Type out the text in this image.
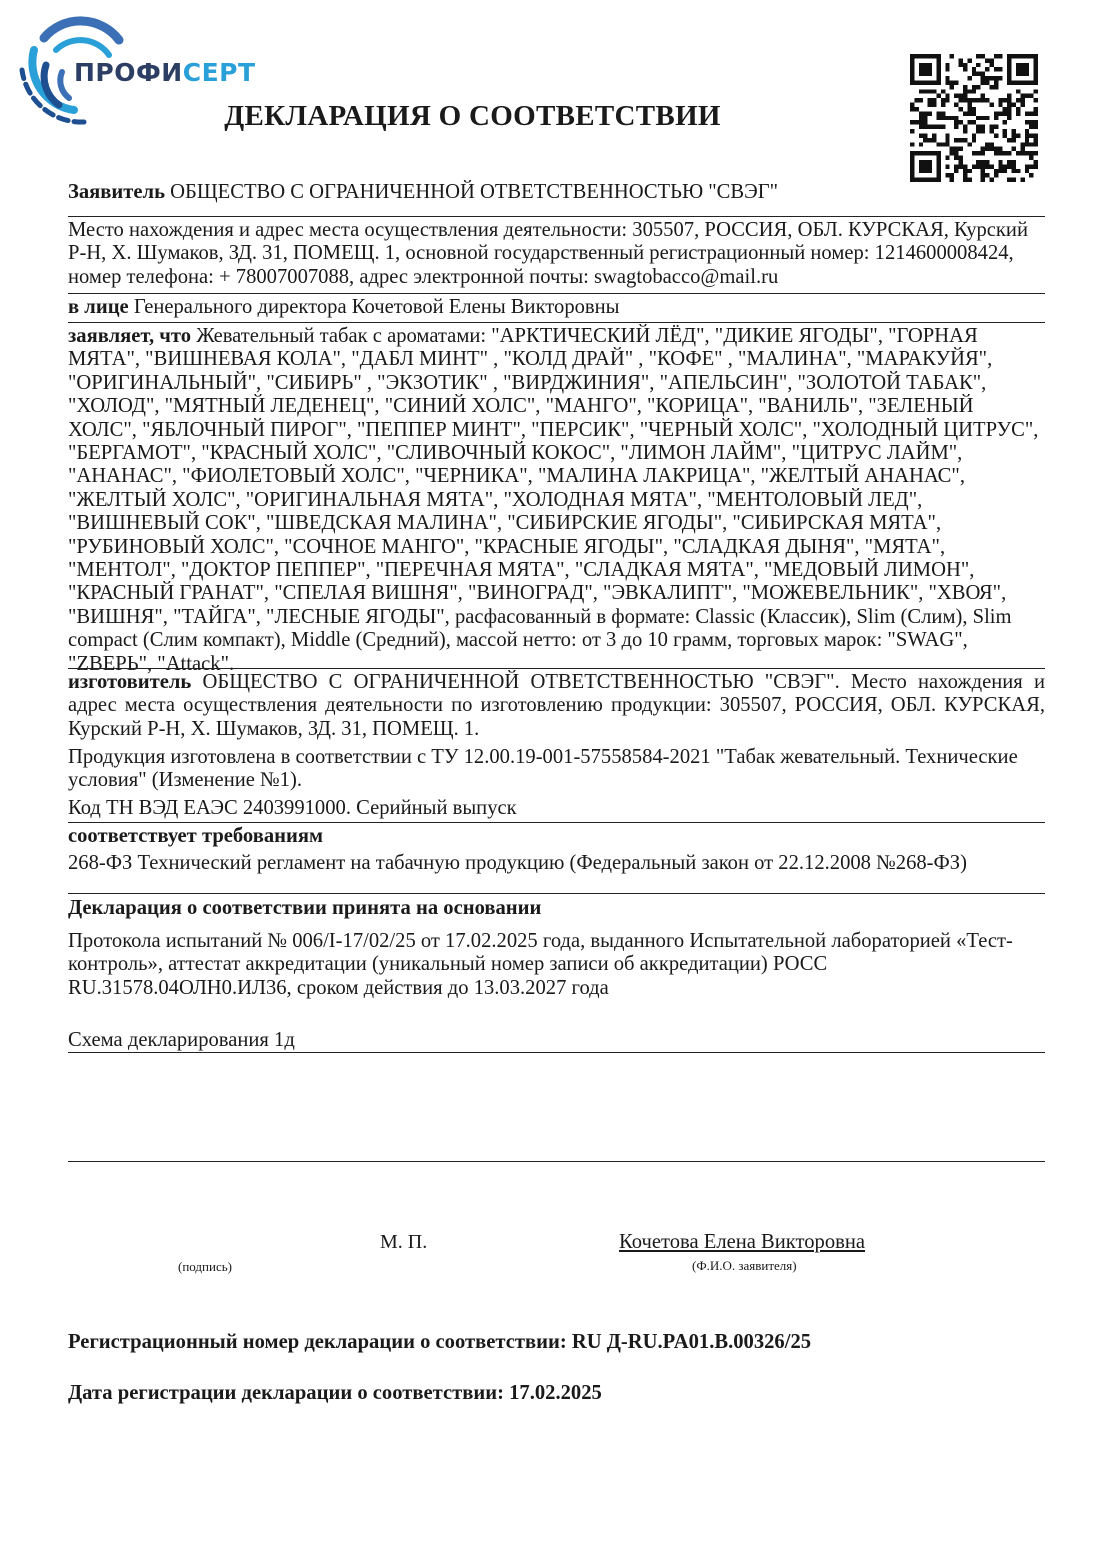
ПРОФИСЕРТ
ДЕКЛАРАЦИЯ О СООТВЕТСТВИИ
Заявитель ОБЩЕСТВО С ОГРАНИЧЕННОЙ ОТВЕТСТВЕННОСТЬЮ "СВЭГ"
Место нахождения и адрес места осуществления деятельности: 305507, РОССИЯ, ОБЛ. КУРСКАЯ, Курский Р-Н, Х. Шумаков, ЗД. 31, ПОМЕЩ. 1, основной государственный регистрационный номер: 1214600008424, номер телефона: + 78007007088, адрес электронной почты: swagtobacco@mail.ru
в лице Генерального директора Кочетовой Елены Викторовны
заявляет, что Жевательный табак с ароматами: "АРКТИЧЕСКИЙ ЛЁД", "ДИКИЕ ЯГОДЫ", "ГОРНАЯ МЯТА", "ВИШНЕВАЯ КОЛА", "ДАБЛ МИНТ" , "КОЛД ДРАЙ" , "КОФЕ" , "МАЛИНА", "МАРАКУЙЯ", "ОРИГИНАЛЬНЫЙ", "СИБИРЬ" , "ЭКЗОТИК" , "ВИРДЖИНИЯ", "АПЕЛЬСИН", "ЗОЛОТОЙ ТАБАК", "ХОЛОД", "МЯТНЫЙ ЛЕДЕНЕЦ", "СИНИЙ ХОЛС", "МАНГО", "КОРИЦА", "ВАНИЛЬ", "ЗЕЛЕНЫЙ ХОЛС", "ЯБЛОЧНЫЙ ПИРОГ", "ПЕППЕР МИНТ", "ПЕРСИК", "ЧЕРНЫЙ ХОЛС", "ХОЛОДНЫЙ ЦИТРУС", "БЕРГАМОТ", "КРАСНЫЙ ХОЛС", "СЛИВОЧНЫЙ КОКОС", "ЛИМОН ЛАЙМ", "ЦИТРУС ЛАЙМ", "АНАНАС", "ФИОЛЕТОВЫЙ ХОЛС", "ЧЕРНИКА", "МАЛИНА ЛАКРИЦА", "ЖЕЛТЫЙ АНАНАС", "ЖЕЛТЫЙ ХОЛС", "ОРИГИНАЛЬНАЯ МЯТА", "ХОЛОДНАЯ МЯТА", "МЕНТОЛОВЫЙ ЛЕД", "ВИШНЕВЫЙ СОК", "ШВЕДСКАЯ МАЛИНА", "СИБИРСКИЕ ЯГОДЫ", "СИБИРСКАЯ МЯТА", "РУБИНОВЫЙ ХОЛС", "СОЧНОЕ МАНГО", "КРАСНЫЕ ЯГОДЫ", "СЛАДКАЯ ДЫНЯ", "МЯТА", "МЕНТОЛ", "ДОКТОР ПЕППЕР", "ПЕРЕЧНАЯ МЯТА", "СЛАДКАЯ МЯТА", "МЕДОВЫЙ ЛИМОН", "КРАСНЫЙ ГРАНАТ", "СПЕЛАЯ ВИШНЯ", "ВИНОГРАД", "ЭВКАЛИПТ", "МОЖЕВЕЛЬНИК", "ХВОЯ", "ВИШНЯ", "ТАЙГА", "ЛЕСНЫЕ ЯГОДЫ", расфасованный в формате: Classic (Классик), Slim (Слим), Slim compact (Слим компакт), Middle (Средний), массой нетто: от 3 до 10 грамм, торговых марок: "SWAG", "ZВЕРЬ", "Attack".
изготовитель ОБЩЕСТВО С ОГРАНИЧЕННОЙ ОТВЕТСТВЕННОСТЬЮ "СВЭГ". Место нахождения и адрес места осуществления деятельности по изготовлению продукции: 305507, РОССИЯ, ОБЛ. КУРСКАЯ, Курский Р-Н, Х. Шумаков, ЗД. 31, ПОМЕЩ. 1.
Продукция изготовлена в соответствии с ТУ 12.00.19-001-57558584-2021 "Табак жевательный. Технические условия" (Изменение №1).
Код ТН ВЭД ЕАЭС 2403991000. Серийный выпуск
соответствует требованиям
268-ФЗ Технический регламент на табачную продукцию (Федеральный закон от 22.12.2008 №268-ФЗ)
Декларация о соответствии принята на основании
Протокола испытаний № 006/I-17/02/25 от 17.02.2025 года, выданного Испытательной лабораторией «Тест-контроль», аттестат аккредитации (уникальный номер записи об аккредитации) РОСС RU.31578.04ОЛН0.ИЛ36, сроком действия до 13.03.2027 года
Схема декларирования 1д
М. П.	Кочетова Елена Викторовна
(подпись)	(Ф.И.О. заявителя)
Регистрационный номер декларации о соответствии: RU Д-RU.PA01.B.00326/25
Дата регистрации декларации о соответствии: 17.02.2025
